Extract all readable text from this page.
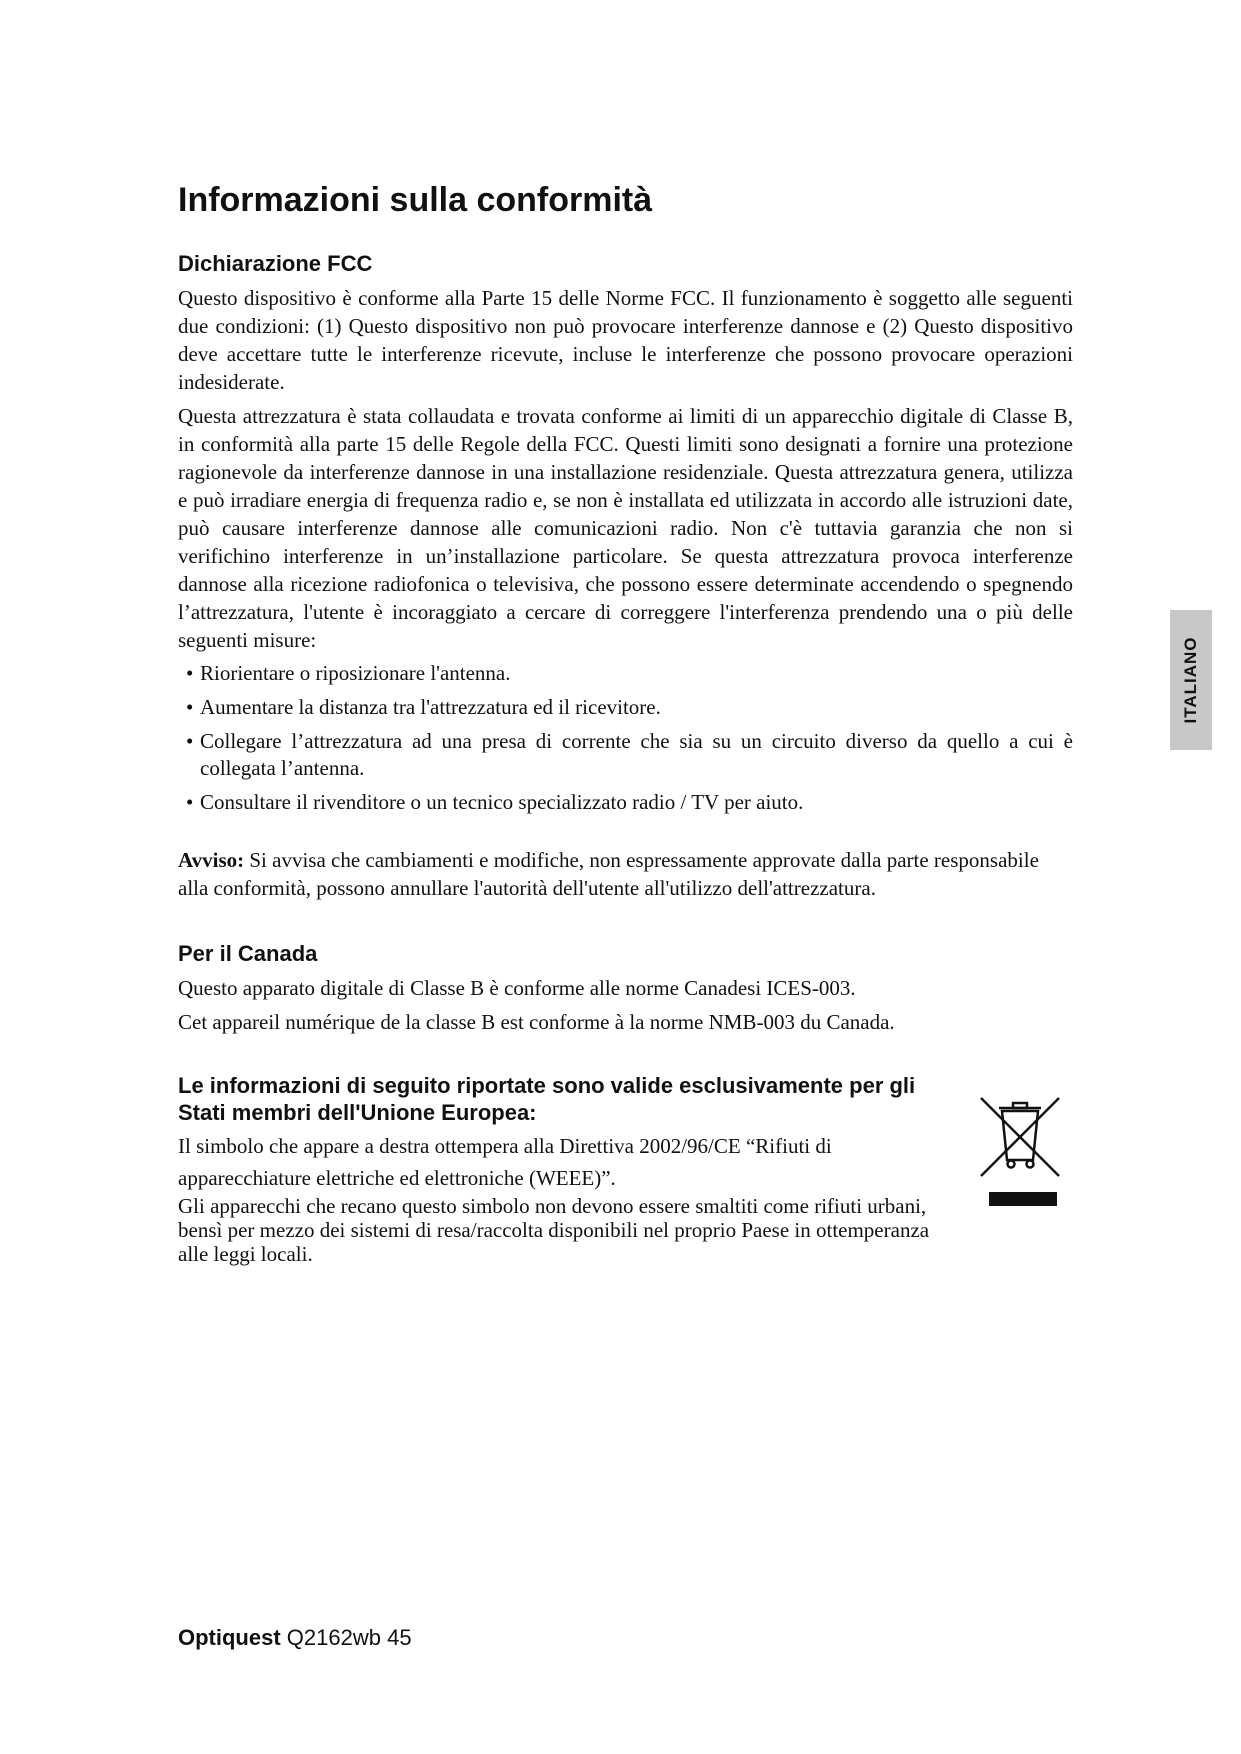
Informazioni sulla conformità
Dichiarazione FCC

Questo dispositivo è conforme alla Parte 15 delle Norme FCC. Il funzionamento è soggetto alle seguenti due condizioni: (1) Questo dispositivo non può provocare interferenze dannose e (2) Questo dispositivo deve accettare tutte le interferenze ricevute, incluse le interferenze che possono provocare operazioni indesiderate.

Questa attrezzatura è stata collaudata e trovata conforme ai limiti di un apparecchio digitale di Classe B, in conformità alla parte 15 delle Regole della FCC. Questi limiti sono designati a fornire una protezione ragionevole da interferenze dannose in una installazione residenziale. Questa attrezzatura genera, utilizza e può irradiare energia di frequenza radio e, se non è installata ed utilizzata in accordo alle istruzioni date, può causare interferenze dannose alle comunicazioni radio. Non c'è tuttavia garanzia che non si verifichino interferenze in un’installazione particolare. Se questa attrezzatura provoca interferenze dannose alla ricezione radiofonica o televisiva, che possono essere determinate accendendo o spegnendo l’attrezzatura, l'utente è incoraggiato a cercare di correggere l'interferenza prendendo una o più delle seguenti misure:

• Riorientare o riposizionare l'antenna.
• Aumentare la distanza tra l'attrezzatura ed il ricevitore.
• Collegare l’attrezzatura ad una presa di corrente che sia su un circuito diverso da quello a cui è collegata l’antenna.
• Consultare il rivenditore o un tecnico specializzato radio / TV per aiuto.

Avviso: Si avvisa che cambiamenti e modifiche, non espressamente approvate dalla parte responsabile alla conformità, possono annullare l'autorità dell'utente all'utilizzo dell'attrezzatura.

Per il Canada

Questo apparato digitale di Classe B è conforme alle norme Canadesi ICES-003.

Cet appareil numérique de la classe B est conforme à la norme NMB-003 du Canada.

Le informazioni di seguito riportate sono valide esclusivamente per gli Stati membri dell'Unione Europea:

Il simbolo che appare a destra ottempera alla Direttiva 2002/96/CE “Rifiuti di apparecchiature elettriche ed elettroniche (WEEE)”.

Gli apparecchi che recano questo simbolo non devono essere smaltiti come rifiuti urbani, bensì per mezzo dei sistemi di resa/raccolta disponibili nel proprio Paese in ottemperanza alle leggi locali.

ITALIANO
Optiquest Q2162wb 45
